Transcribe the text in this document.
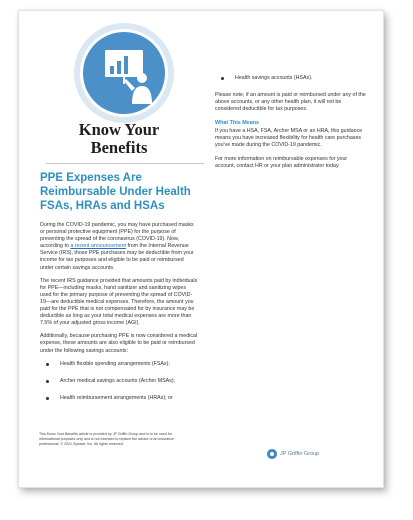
Know Your
Benefits
PPE Expenses Are Reimbursable Under Health FSAs, HRAs and HSAs

During the COVID-19 pandemic, you may have purchased masks or personal protective equipment (PPE) for the purpose of preventing the spread of the coronavirus (COVID-19). Now, according to a recent announcement from the Internal Revenue Service (IRS), those PPE purchases may be deductible from your income for tax purposes and eligible to be paid or reimbursed under certain savings accounts.

The recent IRS guidance provided that amounts paid by individuals for PPE—including masks, hand sanitizer and sanitizing wipes used for the primary purpose of preventing the spread of COVID-19—are deductible medical expenses. Therefore, the amount you paid for the PPE that is not compensated for by insurance may be deductible as long as your total medical expenses are more than 7.5% of your adjusted gross income (AGI).

Additionally, because purchasing PPE is now considered a medical expense, these amounts are also eligible to be paid or reimbursed under the following savings accounts:

Health flexible spending arrangements (FSAs);
Archer medical savings accounts (Archer MSAs);
Health reimbursement arrangements (HRAs); or
Health savings accounts (HSAs).

Please note, if an amount is paid or reimbursed under any of the above accounts, or any other health plan, it will not be considered deductible for tax purposes.

What This Means

If you have a HSA, FSA, Archer MSA or an HRA, this guidance means you have increased flexibility for health care purchases you've made during the COVID-19 pandemic.

For more information on reimbursable expenses for your account, contact HR or your plan administrator today.

This Know Your Benefits article is provided by JP Griffin Group and is to be used for informational purposes only and is not intended to replace the advice of an insurance professional. © 2021 Zywave, Inc. All rights reserved.
JP Griffin Group
